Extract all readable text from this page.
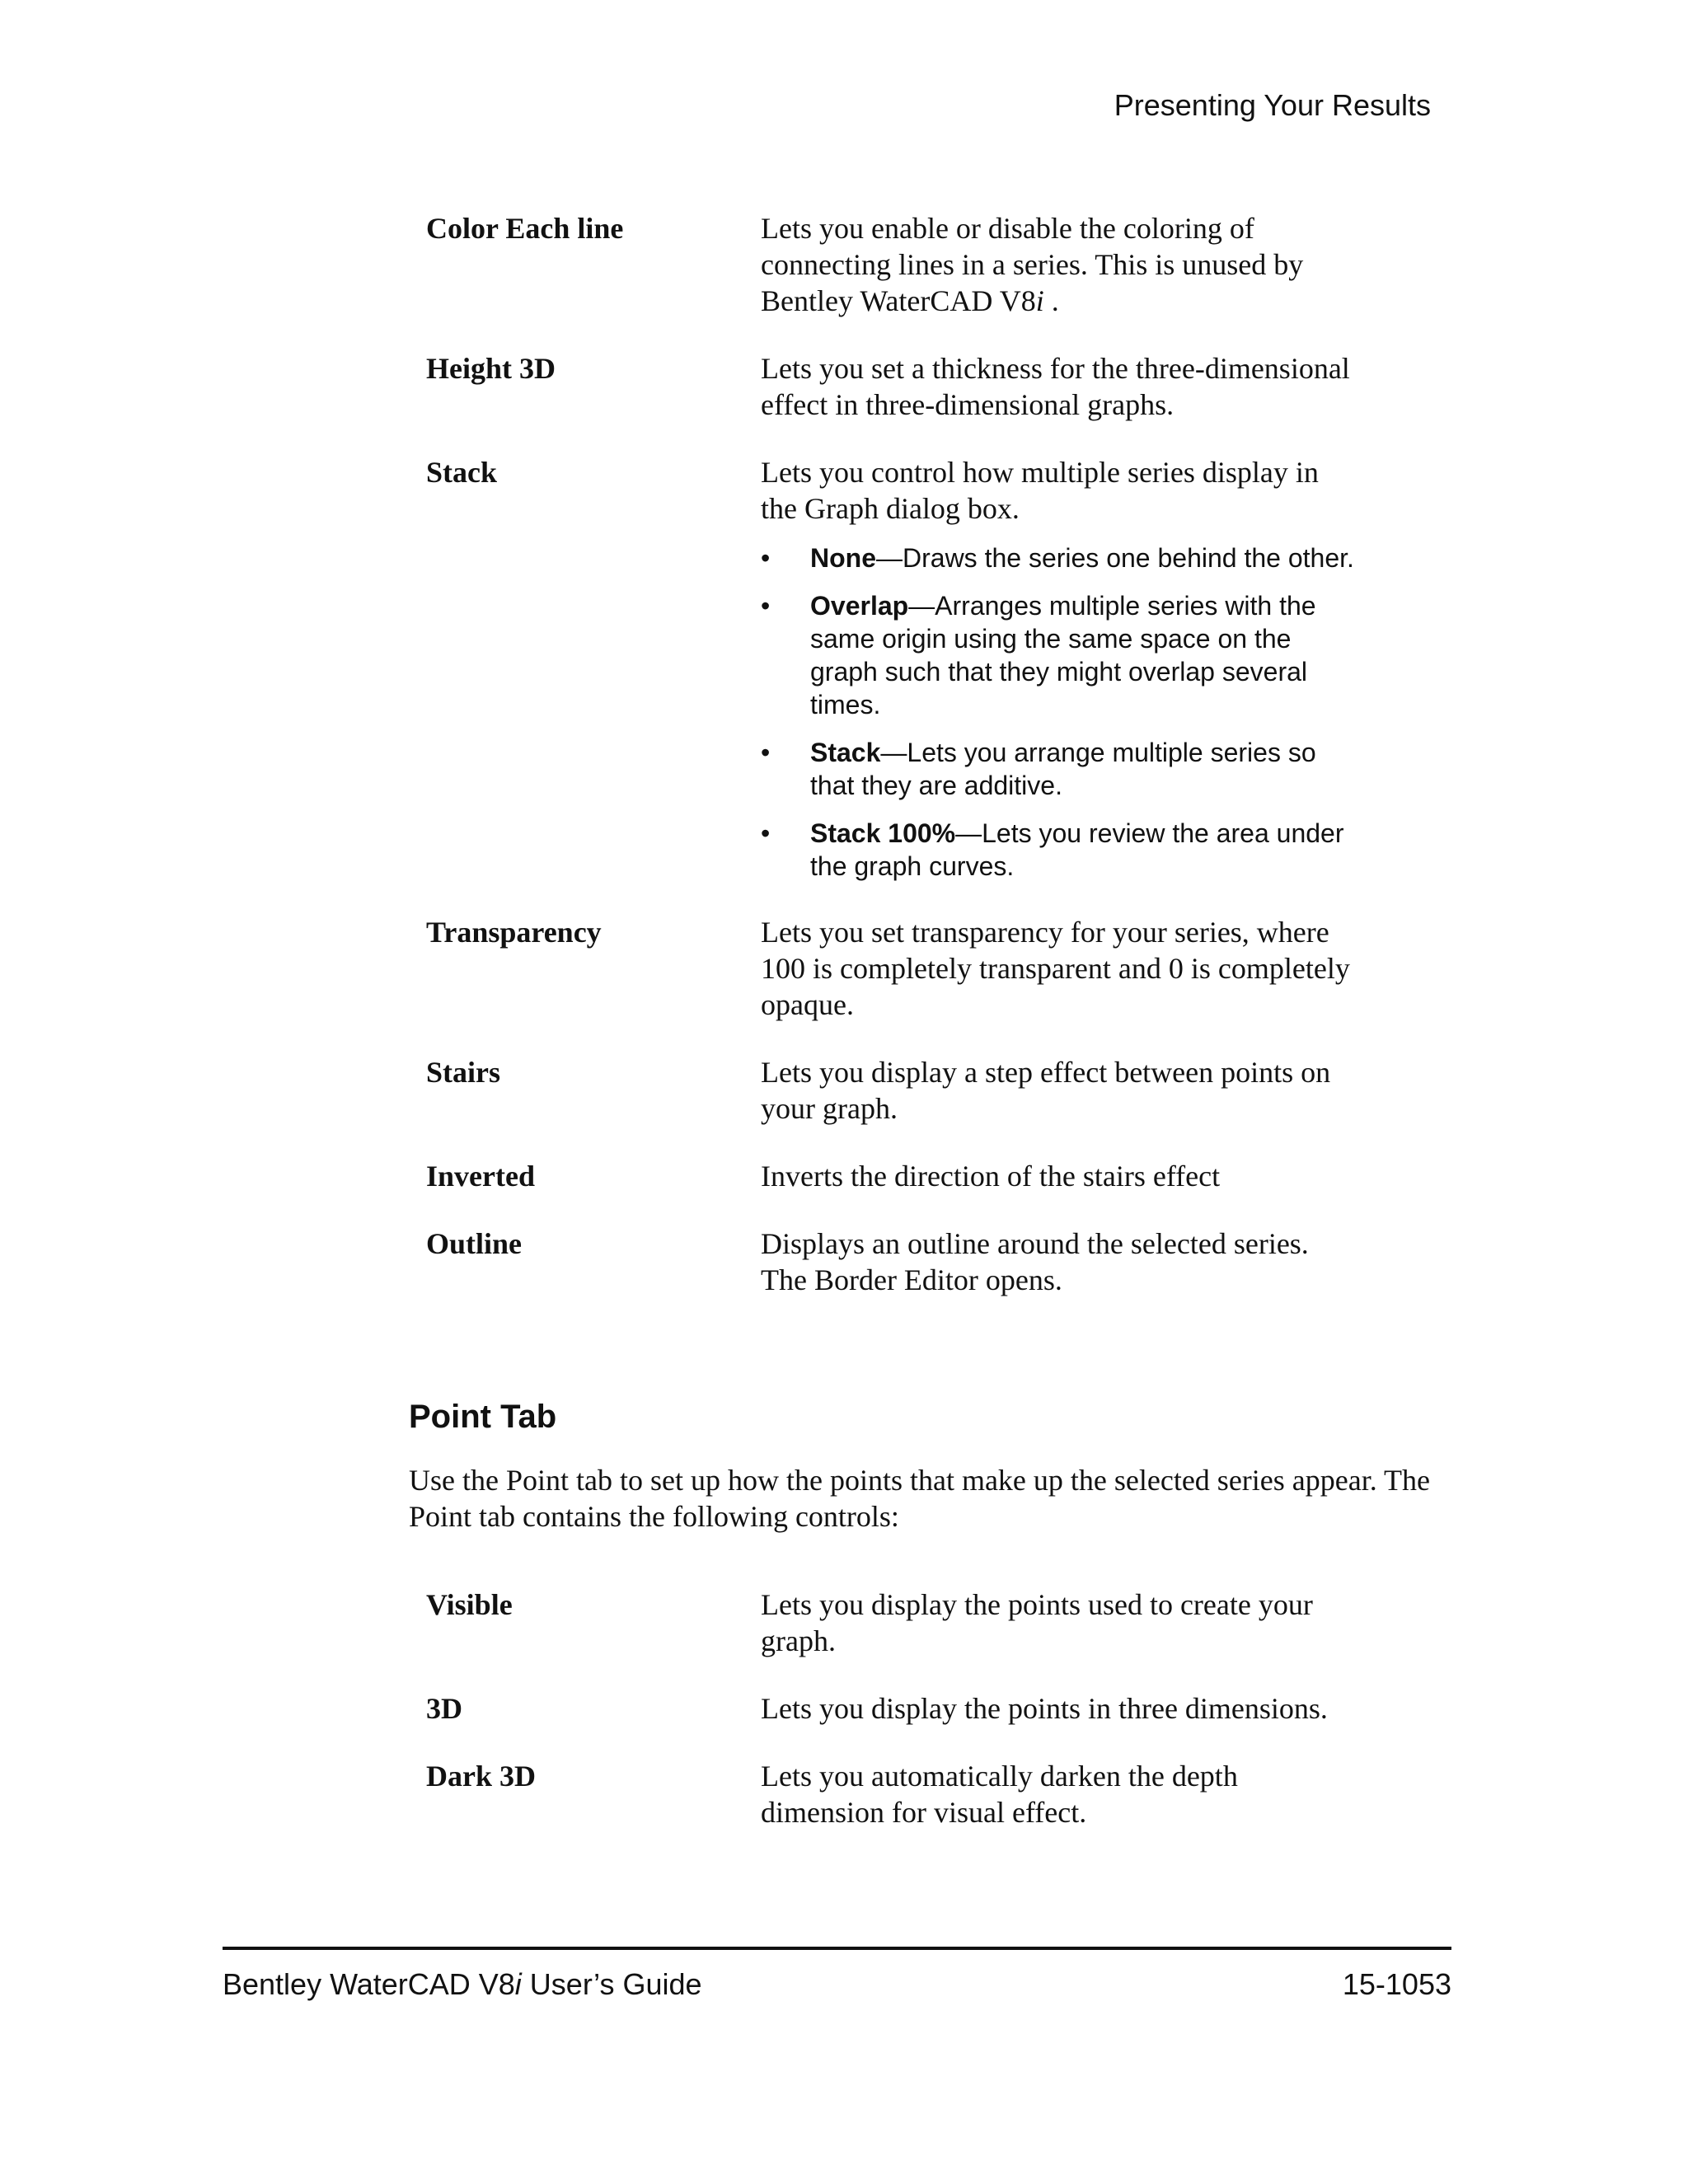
Presenting Your Results
Color Each line	Lets you enable or disable the coloring of connecting lines in a series. This is unused by Bentley WaterCAD V8i .

Height 3D	Lets you set a thickness for the three-dimensional effect in three-dimensional graphs.

Stack	Lets you control how multiple series display in the Graph dialog box.

• None—Draws the series one behind the other.
• Overlap—Arranges multiple series with the same origin using the same space on the graph such that they might overlap several times.
• Stack—Lets you arrange multiple series so that they are additive.
• Stack 100%—Lets you review the area under the graph curves.
Transparency	Lets you set transparency for your series, where 100 is completely transparent and 0 is completely opaque.

Stairs	Lets you display a step effect between points on your graph.

Inverted	Inverts the direction of the stairs effect

Outline	Displays an outline around the selected series. The Border Editor opens.

Point Tab

Use the Point tab to set up how the points that make up the selected series appear. The Point tab contains the following controls:

Visible	Lets you display the points used to create your graph.

3D	Lets you display the points in three dimensions.

Dark 3D	Lets you automatically darken the depth dimension for visual effect.

Bentley WaterCAD V8i User’s Guide	15-1053
